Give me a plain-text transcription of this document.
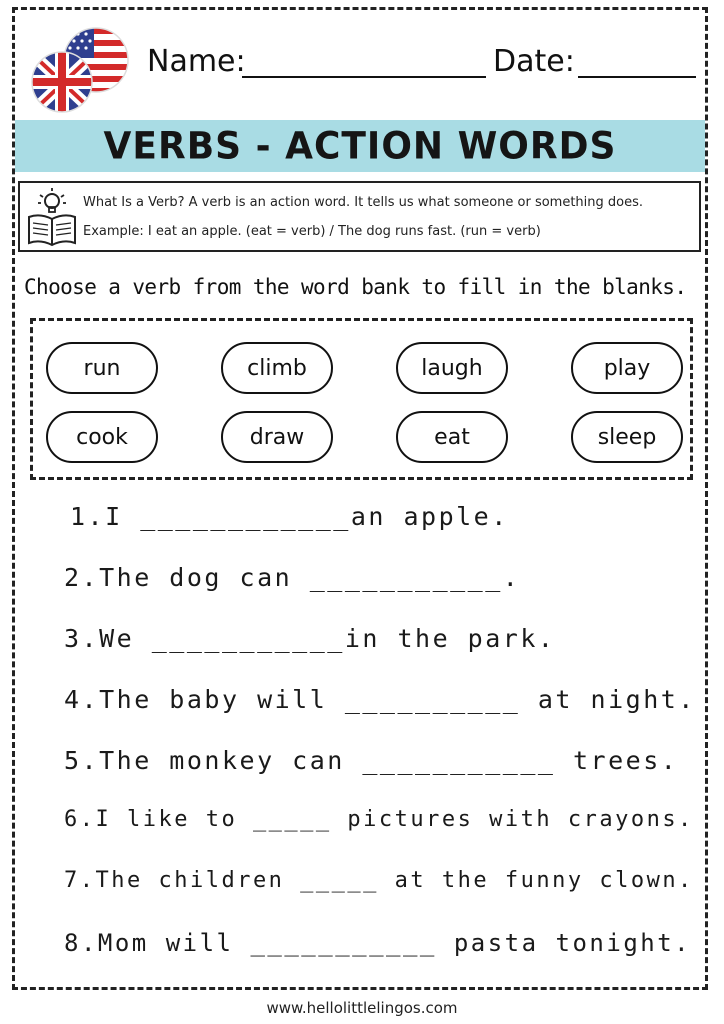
Name:	Date:
VERBS - ACTION WORDS
What Is a Verb? A verb is an action word. It tells us what someone or something does.
Example: I eat an apple. (eat = verb) / The dog runs fast. (run = verb)
Choose a verb from the word bank to fill in the blanks.
run	climb	laugh	play
cook	draw	eat	sleep
1.I ____________an apple.
2.The dog can ___________.
3.We ___________in the park.
4.The baby will __________ at night.
5.The monkey can ___________ trees.
6.I like to _____ pictures with crayons.
7.The children _____ at the funny clown.
8.Mom will ___________ pasta tonight.
www.hellolittlelingos.com
